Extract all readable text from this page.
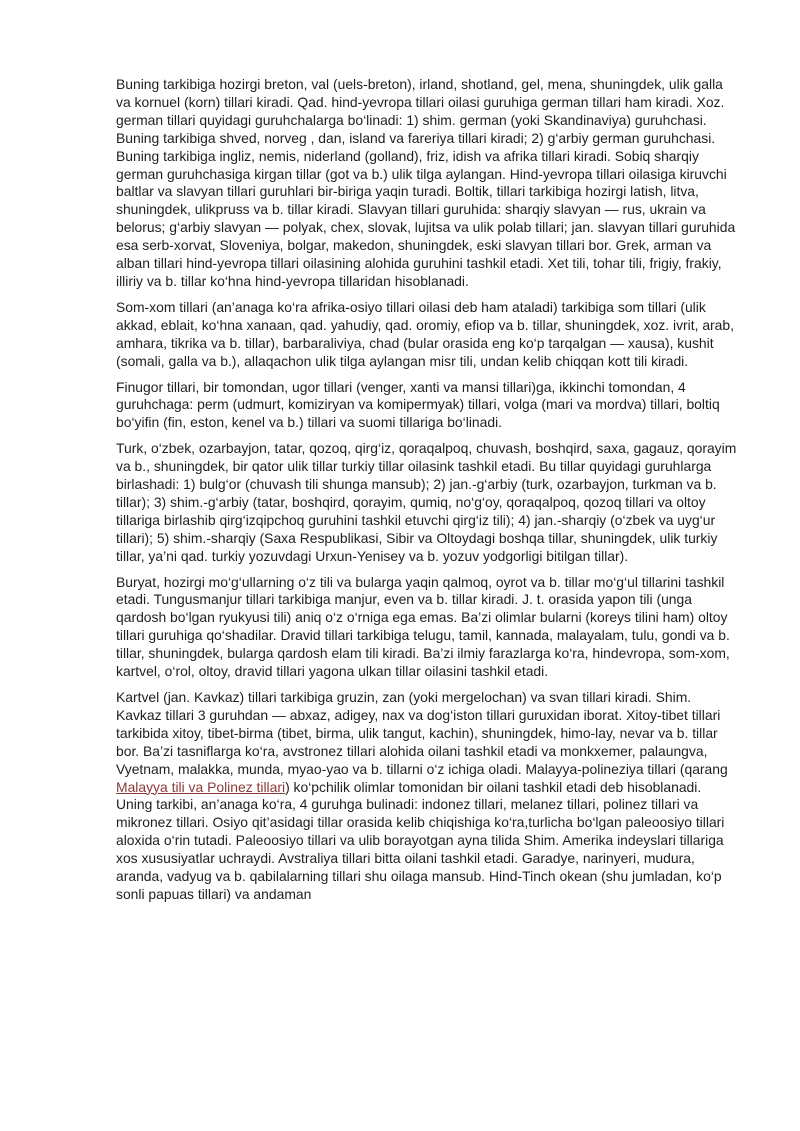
Buning tarkibiga hozirgi breton, val (uels-breton), irland, shotland, gel, mena, shuningdek, ulik galla va kornuel (korn) tillari kiradi. Qad. hind-yevropa tillari oilasi guruhiga german tillari ham kiradi. Xoz. german tillari quyidagi guruhchalarga bo‘linadi: 1) shim. german (yoki Skandinaviya) guruhchasi. Buning tarkibiga shved, norveg , dan, island va fareriya tillari kiradi; 2) g‘arbiy german guruhchasi. Buning tarkibiga ingliz, nemis, niderland (golland), friz, idish va afrika tillari kiradi. Sobiq sharqiy german guruhchasiga kirgan tillar (got va b.) ulik tilga aylangan. Hind-yevropa tillari oilasiga kiruvchi baltlar va slavyan tillari guruhlari bir-biriga yaqin turadi. Boltik, tillari tarkibiga hozirgi latish, litva, shuningdek, ulikpruss va b. tillar kiradi. Slavyan tillari guruhida: sharqiy slavyan — rus, ukrain va belorus; g‘arbiy slavyan — polyak, chex, slovak, lujitsa va ulik polab tillari; jan. slavyan tillari guruhida esa serb-xorvat, Sloveniya, bolgar, makedon, shuningdek, eski slavyan tillari bor. Grek, arman va alban tillari hind-yevropa tillari oilasining alohida guruhini tashkil etadi. Xet tili, tohar tili, frigiy, frakiy, illiriy va b. tillar ko‘hna hind-yevropa tillaridan hisoblanadi.

Som-xom tillari (an’anaga ko‘ra afrika-osiyo tillari oilasi deb ham ataladi) tarkibiga som tillari (ulik akkad, eblait, ko‘hna xanaan, qad. yahudiy, qad. oromiy, efiop va b. tillar, shuningdek, xoz. ivrit, arab, amhara, tikrika va b. tillar), barbaraliviya, chad (bular orasida eng ko‘p tarqalgan — xausa), kushit (somali, galla va b.), allaqachon ulik tilga aylangan misr tili, undan kelib chiqqan kott tili kiradi.

Finugor tillari, bir tomondan, ugor tillari (venger, xanti va mansi tillari)ga, ikkinchi tomondan, 4 guruhchaga: perm (udmurt, komiziryan va komipermyak) tillari, volga (mari va mordva) tillari, boltiq bo‘yifin (fin, eston, kenel va b.) tillari va suomi tillariga bo‘linadi.

Turk, o‘zbek, ozarbayjon, tatar, qozoq, qirg‘iz, qoraqalpoq, chuvash, boshqird, saxa, gagauz, qorayim va b., shuningdek, bir qator ulik tillar turkiy tillar oilasink tashkil etadi. Bu tillar quyidagi guruhlarga birlashadi: 1) bulg‘or (chuvash tili shunga mansub); 2) jan.-g‘arbiy (turk, ozarbayjon, turkman va b. tillar); 3) shim.-g‘arbiy (tatar, boshqird, qorayim, qumiq, no‘g‘oy, qoraqalpoq, qozoq tillari va oltoy tillariga birlashib qirg‘izqipchoq guruhini tashkil etuvchi qirg‘iz tili); 4) jan.-sharqiy (o‘zbek va uyg‘ur tillari); 5) shim.-sharqiy (Saxa Respublikasi, Sibir va Oltoydagi boshqa tillar, shuningdek, ulik turkiy tillar, ya’ni qad. turkiy yozuvdagi Urxun-Yenisey va b. yozuv yodgorligi bitilgan tillar).

Buryat, hozirgi mo‘g‘ullarning o‘z tili va bularga yaqin qalmoq, oyrot va b. tillar mo‘g‘ul tillarini tashkil etadi. Tungusmanjur tillari tarkibiga manjur, even va b. tillar kiradi. J. t. orasida yapon tili (unga qardosh bo‘lgan ryukyusi tili) aniq o‘z o‘rniga ega emas. Ba’zi olimlar bularni (koreys tilini ham) oltoy tillari guruhiga qo‘shadilar. Dravid tillari tarkibiga telugu, tamil, kannada, malayalam, tulu, gondi va b. tillar, shuningdek, bularga qardosh elam tili kiradi. Ba’zi ilmiy farazlarga ko‘ra, hindevropa, som-xom, kartvel, o‘rol, oltoy, dravid tillari yagona ulkan tillar oilasini tashkil etadi.

Kartvel (jan. Kavkaz) tillari tarkibiga gruzin, zan (yoki mergelochan) va svan tillari kiradi. Shim. Kavkaz tillari 3 guruhdan — abxaz, adigey, nax va dog‘iston tillari guruxidan iborat. Xitoy-tibet tillari tarkibida xitoy, tibet-birma (tibet, birma, ulik tangut, kachin), shuningdek, himo-lay, nevar va b. tillar bor. Ba’zi tasniflarga ko‘ra, avstronez tillari alohida oilani tashkil etadi va monkxemer, palaungva, Vyetnam, malakka, munda, myao-yao va b. tillarni o‘z ichiga oladi. Malayya-polineziya tillari (qarang Malayya tili va Polinez tillari) ko‘pchilik olimlar tomonidan bir oilani tashkil etadi deb hisoblanadi. Uning tarkibi, an’anaga ko‘ra, 4 guruhga bulinadi: indonez tillari, melanez tillari, polinez tillari va mikronez tillari. Osiyo qit’asidagi tillar orasida kelib chiqishiga ko‘ra,turlicha bo‘lgan paleoosiyo tillari aloxida o‘rin tutadi. Paleoosiyo tillari va ulib borayotgan ayna tilida Shim. Amerika indeyslari tillariga xos xususiyatlar uchraydi. Avstraliya tillari bitta oilani tashkil etadi. Garadye, narinyeri, mudura, aranda, vadyug va b. qabilalarning tillari shu oilaga mansub. Hind-Tinch okean (shu jumladan, ko‘p sonli papuas tillari) va andaman
